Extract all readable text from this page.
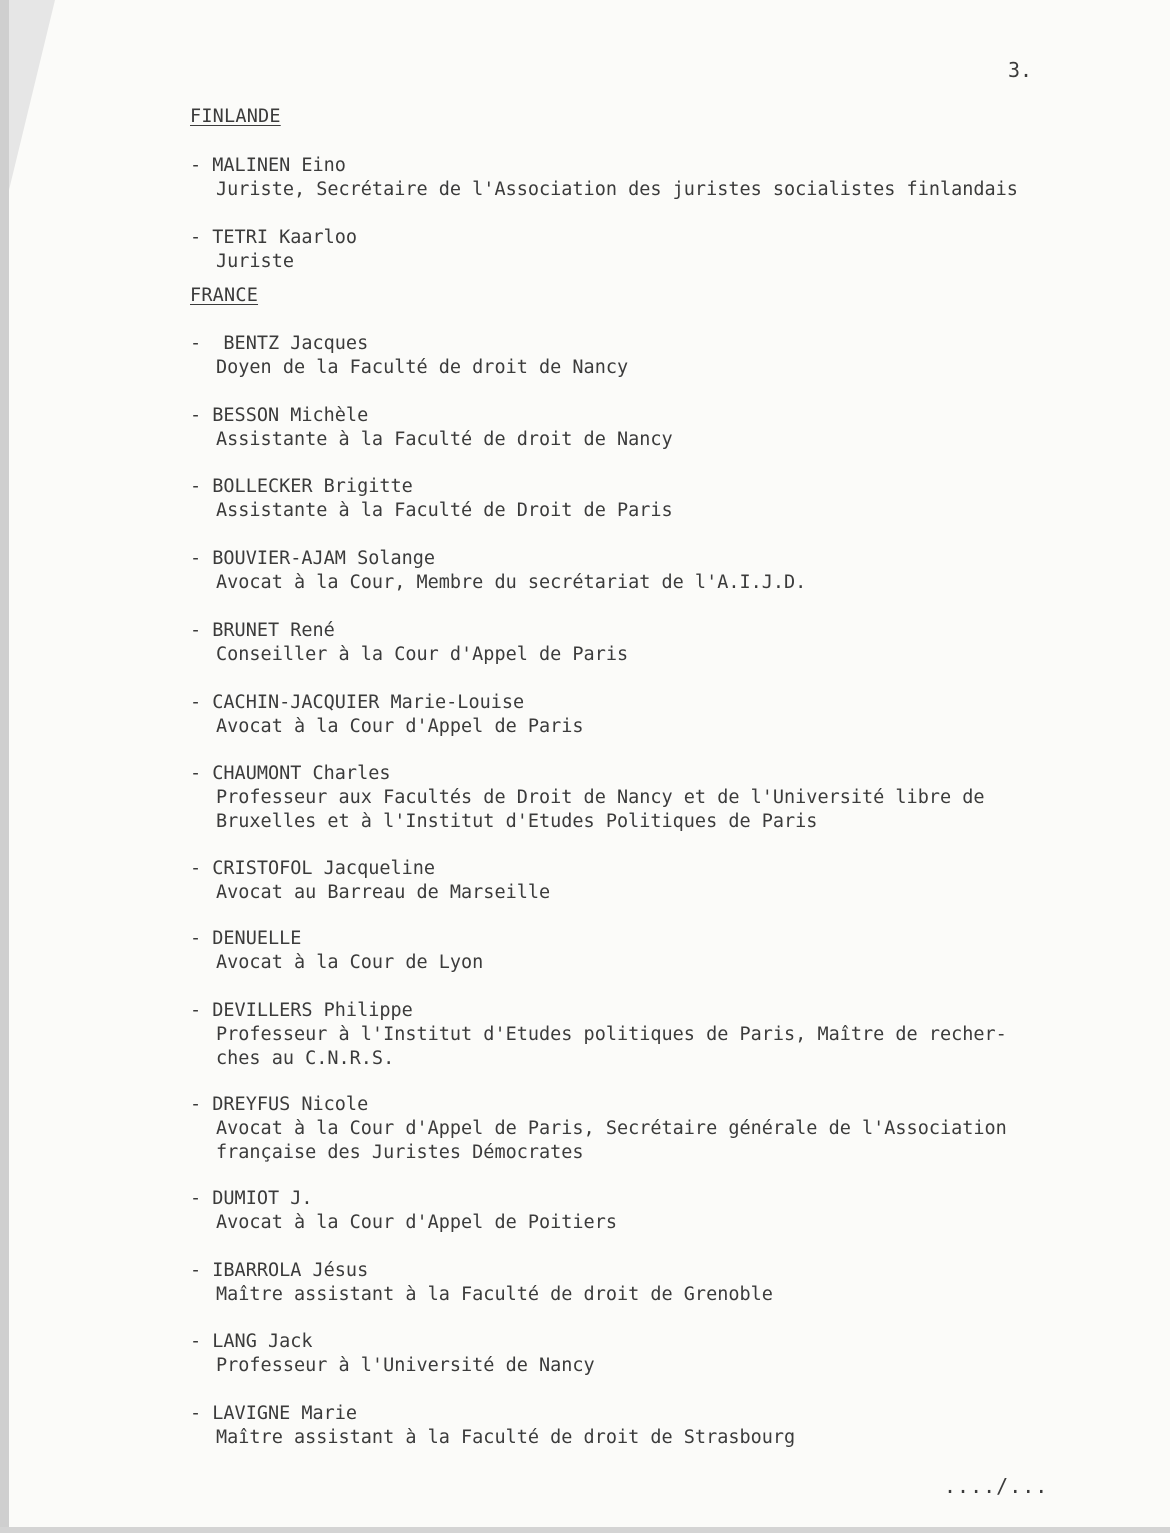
3.
FINLANDE
- MALINEN Eino
Juriste, Secrétaire de l'Association des juristes socialistes finlandais
- TETRI Kaarloo
Juriste
FRANCE
-  BENTZ Jacques
Doyen de la Faculté de droit de Nancy
- BESSON Michèle
Assistante à la Faculté de droit de Nancy
- BOLLECKER Brigitte
Assistante à la Faculté de Droit de Paris
- BOUVIER-AJAM Solange
Avocat à la Cour, Membre du secrétariat de l'A.I.J.D.
- BRUNET René
Conseiller à la Cour d'Appel de Paris
- CACHIN-JACQUIER Marie-Louise
Avocat à la Cour d'Appel de Paris
- CHAUMONT Charles
Professeur aux Facultés de Droit de Nancy et de l'Université libre de
Bruxelles et à l'Institut d'Etudes Politiques de Paris
- CRISTOFOL Jacqueline
Avocat au Barreau de Marseille
- DENUELLE
Avocat à la Cour de Lyon
- DEVILLERS Philippe
Professeur à l'Institut d'Etudes politiques de Paris, Maître de recher-
ches au C.N.R.S.
- DREYFUS Nicole
Avocat à la Cour d'Appel de Paris, Secrétaire générale de l'Association
française des Juristes Démocrates
- DUMIOT J.
Avocat à la Cour d'Appel de Poitiers
- IBARROLA Jésus
Maître assistant à la Faculté de droit de Grenoble
- LANG Jack
Professeur à l'Université de Nancy
- LAVIGNE Marie
Maître assistant à la Faculté de droit de Strasbourg
..../...
